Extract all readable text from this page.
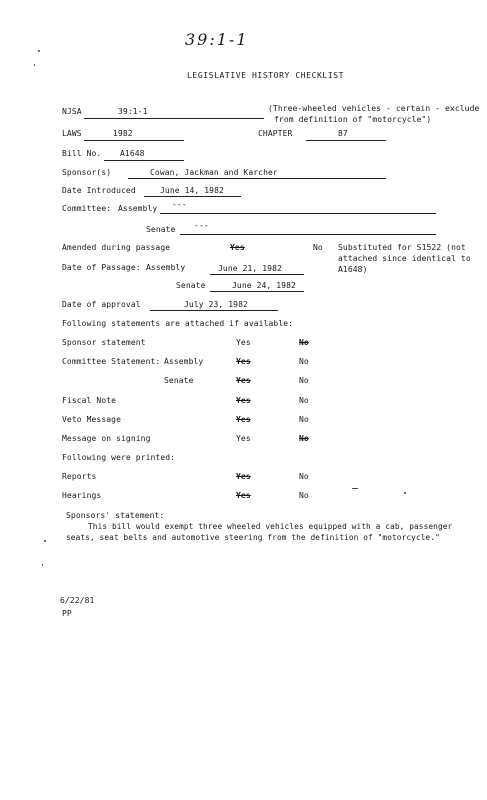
39:1-1
LEGISLATIVE HISTORY CHECKLIST
NJSA	39:1-1	(Three-wheeled vehicles - certain - exclude
from definition of "motorcycle")
LAWS	1982	CHAPTER	87
Bill No. A1648
Sponsor(s)	Cowan, Jackman and Karcher
Date Introduced	June 14, 1982
Committee: Assembly ---
Senate ---
Amended during passage	Yes	No Substituted for S1522 (not
attached since identical to
A1648)
Date of Passage: Assembly	June 21, 1982
Senate	June 24, 1982
Date of approval	July 23, 1982
Following statements are attached if available:
Sponsor statement	Yes	No
Committee Statement: Assembly	Yes	No
Senate	Yes	No
Fiscal Note	Yes	No
Veto Message	Yes	No
Message on signing	Yes	No
Following were printed:
Reports	Yes	No
Hearings	Yes	No
Sponsors' statement:
This bill would exempt three wheeled vehicles equipped with a cab, passenger
seats, seat belts and automotive steering from the definition of "motorcycle."
6/22/81
PP
